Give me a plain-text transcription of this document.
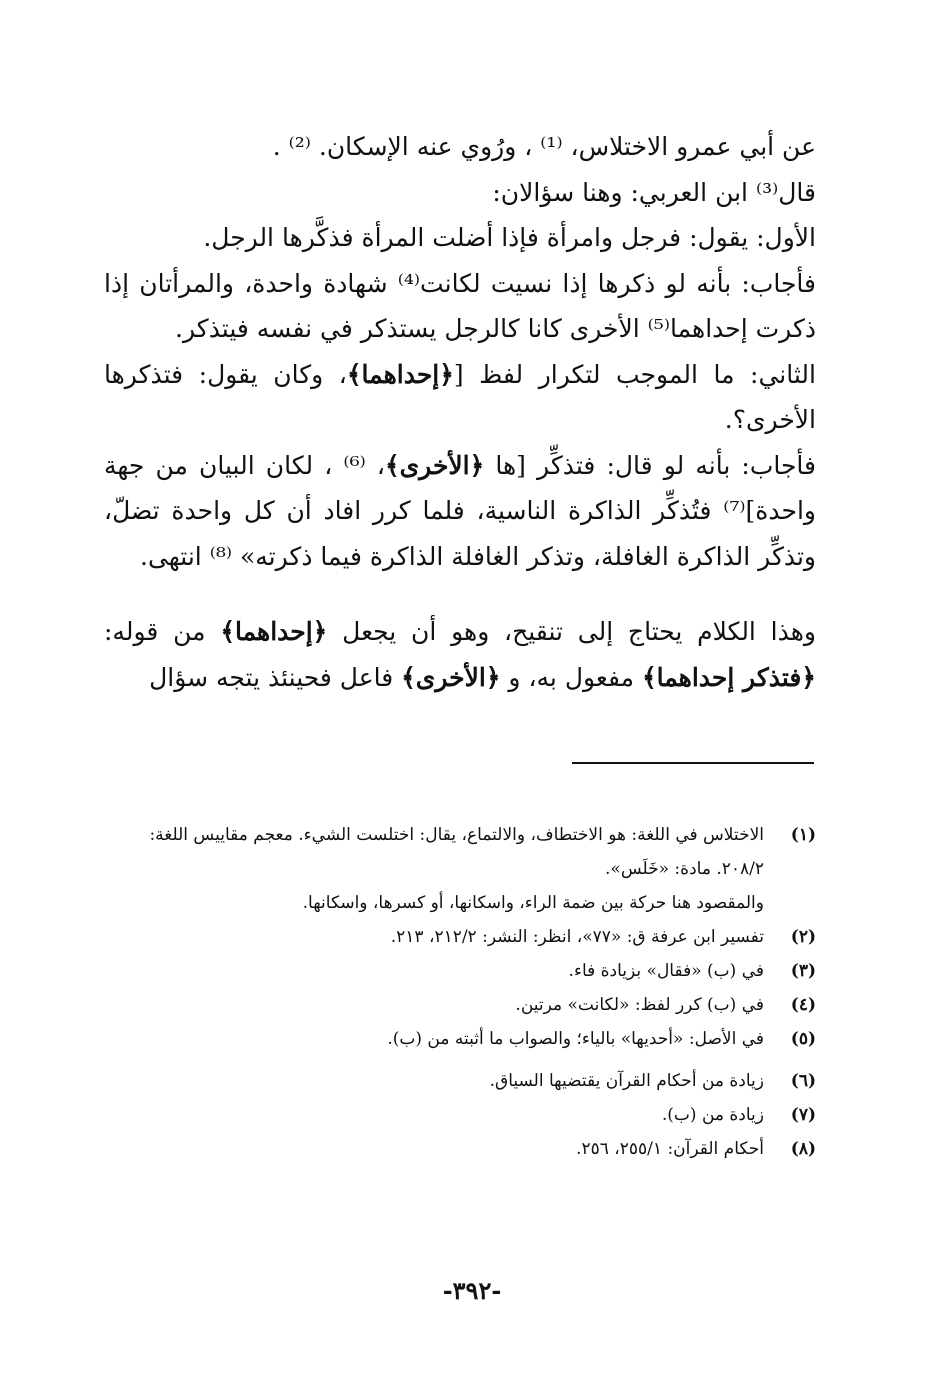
عن أبي عمرو الاختلاس، ⁽¹⁾ ، ورُوي عنه الإسكان. ⁽²⁾ .

قال⁽³⁾ ابن العربي: وهنا سؤالان:

الأول: يقول: فرجل وامرأة فإذا أضلت المرأة فذكَّرها الرجل.

فأجاب: بأنه لو ذكرها إذا نسيت لكانت⁽⁴⁾ شهادة واحدة، والمرأتان إذا ذكرت إحداهما⁽⁵⁾ الأخرى كانا كالرجل يستذكر في نفسه فيتذكر.

الثاني: ما الموجب لتكرار لفظ [﴿إحداهما﴾، وكان يقول: فتذكرها الأخرى؟.

فأجاب: بأنه لو قال: فتذكِّر [ها ﴿الأخرى﴾، ⁽⁶⁾ ، لكان البيان من جهة واحدة]⁽⁷⁾ فتُذكِّر الذاكرة الناسية، فلما كرر افاد أن كل واحدة تضلّ، وتذكِّر الذاكرة الغافلة، وتذكر الغافلة الذاكرة فيما ذكرته» ⁽⁸⁾ انتهى.

وهذا الكلام يحتاج إلى تنقيح، وهو أن يجعل ﴿إحداهما﴾ من قوله: ﴿فتذكر إحداهما﴾ مفعول به، و ﴿الأخرى﴾ فاعل فحينئذ يتجه سؤال

(١)
الاختلاس في اللغة: هو الاختطاف، والالتماع، يقال: اختلست الشيء. معجم مقاييس اللغة: ٢٠٨/٢. مادة: «خَلَس».
والمقصود هنا حركة بين ضمة الراء، واسكانها، أو كسرها، واسكانها.
(٢)
تفسير ابن عرفة ق: «٧٧»، انظر: النشر: ٢١٢/٢، ٢١٣.
(٣)
في (ب) «فقال» بزيادة فاء.
(٤)
في (ب) كرر لفظ: «لكانت» مرتين.
(٥)
في الأصل: «أحديها» بالياء؛ والصواب ما أثبته من (ب).
(٦)
زيادة من أحكام القرآن يقتضيها السياق.
(٧)
زيادة من (ب).
(٨)
أحكام القرآن: ٢٥٥/١، ٢٥٦.
-٣٩٢-
